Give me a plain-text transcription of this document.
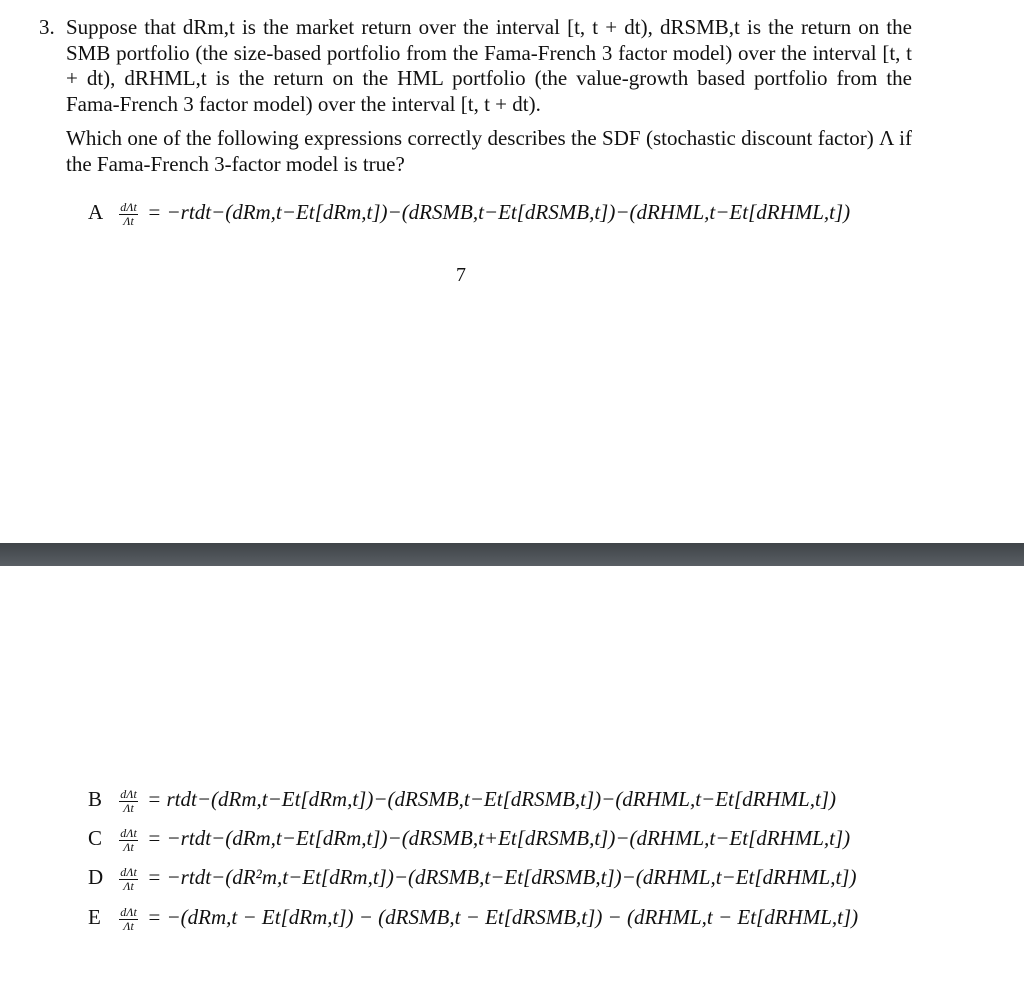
3. Suppose that dRm,t is the market return over the interval [t, t + dt), dRSMB,t is the return on the SMB portfolio (the size-based portfolio from the Fama-French 3 factor model) over the interval [t, t + dt), dRHML,t is the return on the HML portfolio (the value-growth based portfolio from the Fama-French 3 factor model) over the interval [t, t + dt).
Which one of the following expressions correctly describes the SDF (stochastic discount factor) Λ if the Fama-French 3-factor model is true?
A $\frac{\text{dΛt}}{\Lambda t}$ = −rtdt−(dRm,t−Et[dRm,t])−(dRSMB,t−Et[dRSMB,t])−(dRHML,t−Et[dRHML,t])
7
B $\frac{\text{dΛt}}{\Lambda t}$ = rtdt−(dRm,t−Et[dRm,t])−(dRSMB,t−Et[dRSMB,t])−(dRHML,t−Et[dRHML,t])
C $\frac{\text{dΛt}}{\Lambda t}$ = −rtdt−(dRm,t−Et[dRm,t])−(dRSMB,t+Et[dRSMB,t])−(dRHML,t−Et[dRHML,t])
D $\frac{\text{dΛt}}{\Lambda t}$ = −rtdt−(dR²m,t−Et[dRm,t])−(dRSMB,t−Et[dRSMB,t])−(dRHML,t−Et[dRHML,t])
E $\frac{\text{dΛt}}{\Lambda t} = -(dRm,t - Et[dRm,t])$ − (dRSMB,t − Et[dRSMB,t]) − (dRHML,t − Et[dRHML,t])
